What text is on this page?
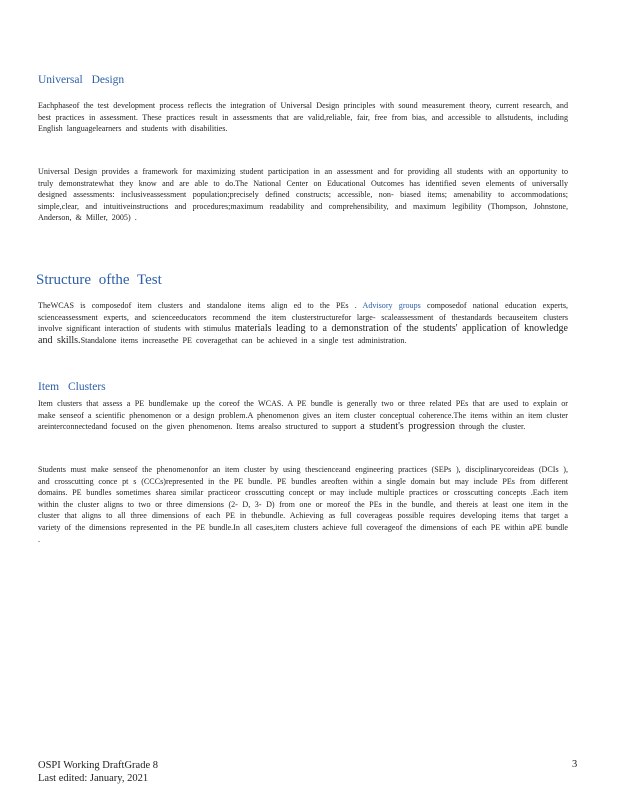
Universal Design

Eachphaseof the test development process reflects the integration of Universal Design principles with sound measurement theory, current research, and best practices in assessment. These practices result in assessments that are valid,reliable, fair, free from bias, and accessible to allstudents, including English languagelearners and students with disabilities.

Universal Design provides a framework for maximizing student participation in an assessment and for providing all students with an opportunity to truly demonstratewhat they know and are able to do.The National Center on Educational Outcomes has identified seven elements of universally designed assessments: inclusiveassessment population;precisely defined constructs; accessible, non- biased items; amenability to accommodations; simple,clear, and intuitiveinstructions and procedures;maximum readability and comprehensibility, and maximum legibility (Thompson, Johnstone, Anderson, & Miller, 2005) .

Structure ofthe Test

TheWCAS is composedof item clusters and standalone items align ed to the PEs . Advisory groups composedof national education experts, scienceassessment experts, and scienceeducators recommend the item clusterstructurefor large- scaleassessment of thestandards becauseitem clusters involve significant interaction of students with stimulus materials leading to a demonstration of the students' application of knowledge and skills.Standalone items increasethe PE coveragethat can be achieved in a single test administration.

Item Clusters

Item clusters that assess a PE bundlemake up the coreof the WCAS. A PE bundle is generally two or three related PEs that are used to explain or make senseof a scientific phenomenon or a design problem.A phenomenon gives an item cluster conceptual coherence.The items within an item cluster areinterconnectedand focused on the given phenomenon. Items arealso structured to support a student's progression through the cluster.

Students must make senseof the phenomenonfor an item cluster by using thescienceand engineering practices (SEPs ), disciplinarycoreideas (DCIs ), and crosscutting conce pt s (CCCs)represented in the PE bundle. PE bundles areoften within a single domain but may include PEs from different domains. PE bundles sometimes sharea similar practiceor crosscutting concept or may include multiple practices or crosscutting concepts .Each item within the cluster aligns to two or three dimensions (2- D, 3- D) from one or moreof the PEs in the bundle, and thereis at least one item in the cluster that aligns to all three dimensions of each PE in thebundle. Achieving as full coverageas possible requires developing items that target a variety of the dimensions represented in the PE bundle.In all cases,item clusters achieve full coverageof the dimensions of each PE within aPE bundle .

OSPI Working DraftGrade 8
Last edited: January, 2021
3
